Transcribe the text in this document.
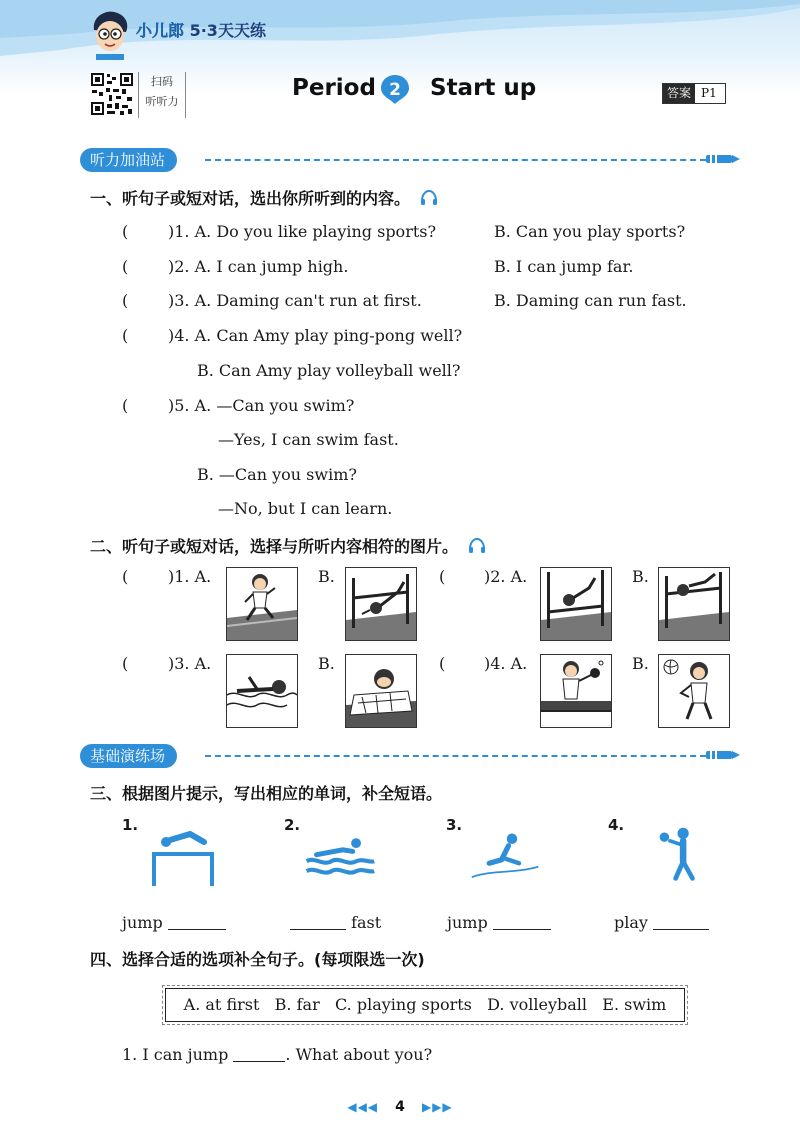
小儿郎 5·3天天练
扫码
听听力
Period 2 Start up	答案 P1
听力加油站
一、听句子或短对话，选出你所听到的内容。
( )1. A. Do you like playing sports?	B. Can you play sports?
( )2. A. I can jump high.	B. I can jump far.
( )3. A. Daming can't run at first.	B. Daming can run fast.
( )4. A. Can Amy play ping-pong well?
B. Can Amy play volleyball well?
( )5. A. —Can you swim?
—Yes, I can swim fast.
B. —Can you swim?
—No, but I can learn.
二、听句子或短对话，选择与所听内容相符的图片。
( )1. A.	B.	( )2. A.	B.
( )3. A.	B.	( )4. A.	B.
基础演练场
三、根据图片提示，写出相应的单词，补全短语。
1.	2.	3.	4.
jump	fast	jump	play
四、选择合适的选项补全句子。(每项限选一次)
A. at first B. far C. playing sports D. volleyball E. swim
1. I can jump	. What about you?
◀◀◀ 4 ▶▶▶
